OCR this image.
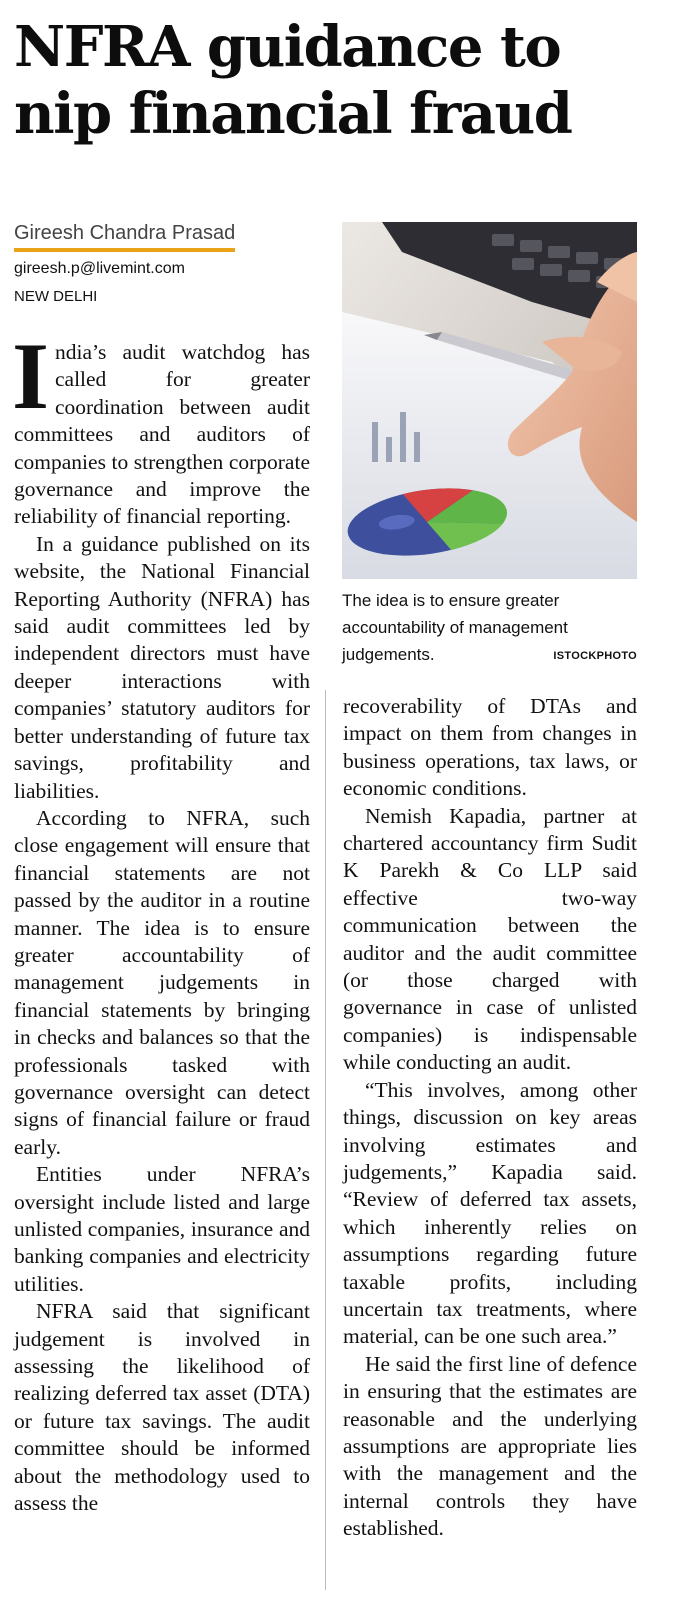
NFRA guidance to nip financial fraud
Gireesh Chandra Prasad
gireesh.p@livemint.com
NEW DELHI
The idea is to ensure greater accountability of management judgements.	ISTOCKPHOTO

India’s audit watchdog has called for greater coordination between audit committees and auditors of companies to strengthen corporate governance and improve the reliability of financial reporting.

In a guidance published on its website, the National Financial Reporting Authority (NFRA) has said audit committees led by independent directors must have deeper interactions with companies’ statutory auditors for better understanding of future tax savings, profitability and liabilities.

According to NFRA, such close engagement will ensure that financial statements are not passed by the auditor in a routine manner. The idea is to ensure greater accountability of management judgements in financial statements by bringing in checks and balances so that the professionals tasked with governance oversight can detect signs of financial failure or fraud early.

Entities under NFRA’s oversight include listed and large unlisted companies, insurance and banking companies and electricity utilities.

NFRA said that significant judgement is involved in assessing the likelihood of realizing deferred tax asset (DTA) or future tax savings. The audit committee should be informed about the methodology used to assess the

recoverability of DTAs and impact on them from changes in business operations, tax laws, or economic conditions.

Nemish Kapadia, partner at chartered accountancy firm Sudit K Parekh & Co LLP said effective two-way communication between the auditor and the audit committee (or those charged with governance in case of unlisted companies) is indispensable while conducting an audit.

“This involves, among other things, discussion on key areas involving estimates and judgements,” Kapadia said. “Review of deferred tax assets, which inherently relies on assumptions regarding future taxable profits, including uncertain tax treatments, where material, can be one such area.”

He said the first line of defence in ensuring that the estimates are reasonable and the underlying assumptions are appropriate lies with the management and the internal controls they have established.
